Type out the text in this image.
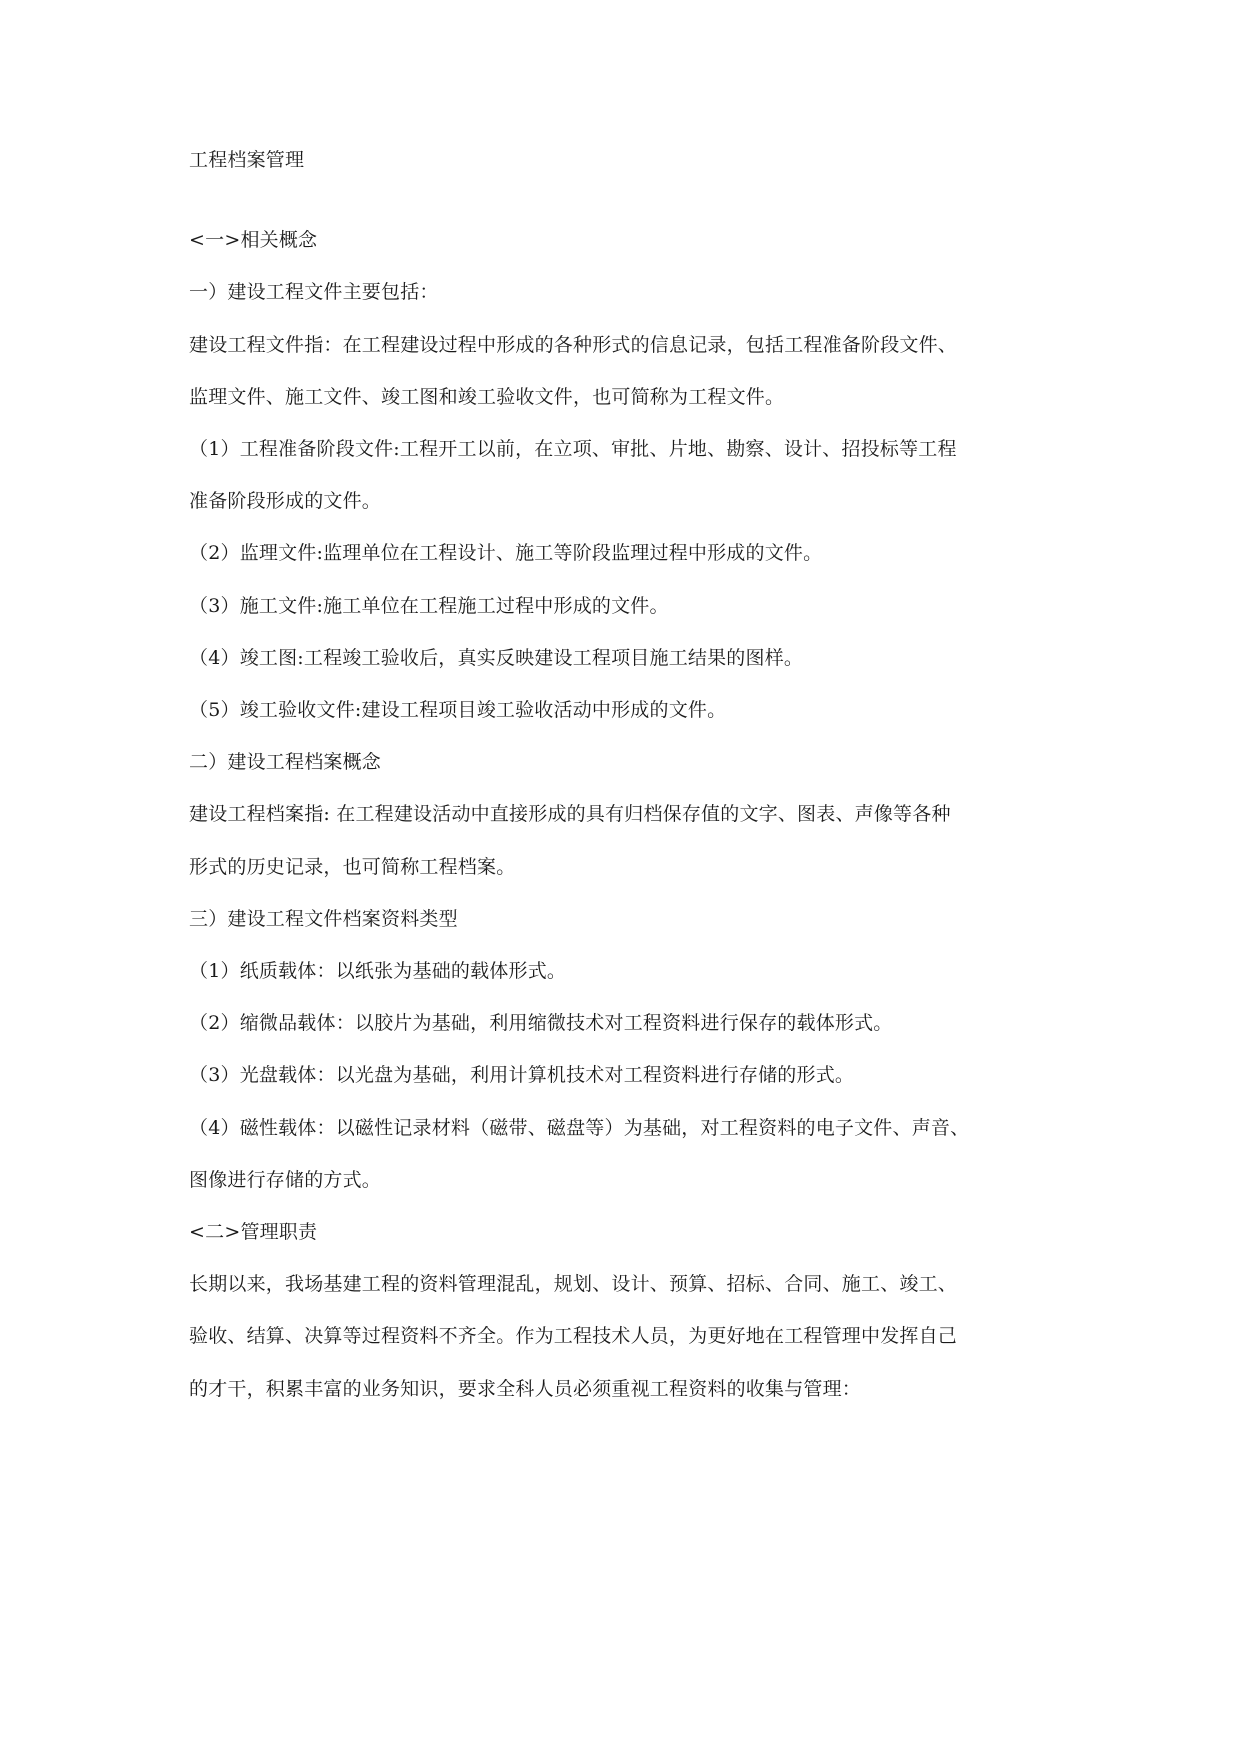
工程档案管理
<一>相关概念
一）建设工程文件主要包括：
建设工程文件指：在工程建设过程中形成的各种形式的信息记录，包括工程准备阶段文件、
监理文件、施工文件、竣工图和竣工验收文件，也可简称为工程文件。
（1）工程准备阶段文件:工程开工以前，在立项、审批、片地、勘察、设计、招投标等工程
准备阶段形成的文件。
（2）监理文件:监理单位在工程设计、施工等阶段监理过程中形成的文件。
（3）施工文件:施工单位在工程施工过程中形成的文件。
（4）竣工图:工程竣工验收后，真实反映建设工程项目施工结果的图样。
（5）竣工验收文件:建设工程项目竣工验收活动中形成的文件。
二）建设工程档案概念
建设工程档案指: 在工程建设活动中直接形成的具有归档保存值的文字、图表、声像等各种
形式的历史记录，也可简称工程档案。
三）建设工程文件档案资料类型
（1）纸质载体：以纸张为基础的载体形式。
（2）缩微品载体：以胶片为基础，利用缩微技术对工程资料进行保存的载体形式。
（3）光盘载体：以光盘为基础，利用计算机技术对工程资料进行存储的形式。
（4）磁性载体：以磁性记录材料（磁带、磁盘等）为基础，对工程资料的电子文件、声音、
图像进行存储的方式。
<二>管理职责
长期以来，我场基建工程的资料管理混乱，规划、设计、预算、招标、合同、施工、竣工、
验收、结算、决算等过程资料不齐全。作为工程技术人员，为更好地在工程管理中发挥自己
的才干，积累丰富的业务知识，要求全科人员必须重视工程资料的收集与管理：
